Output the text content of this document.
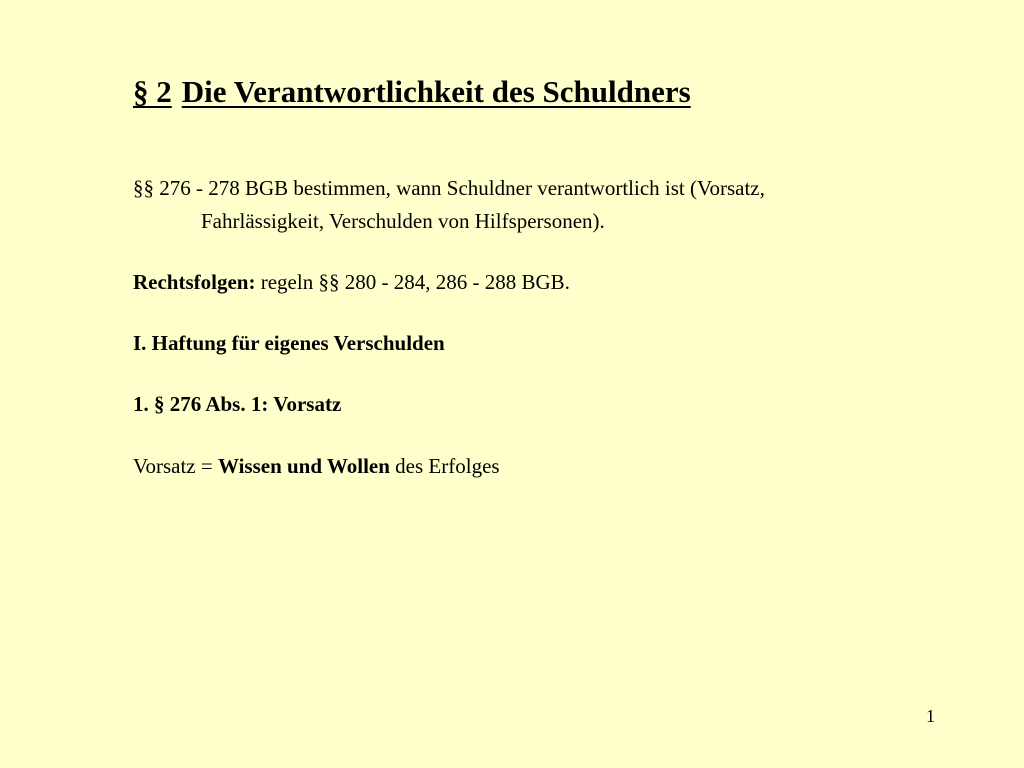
§ 2 Die Verantwortlichkeit des Schuldners

§§ 276 - 278 BGB bestimmen, wann Schuldner verantwortlich ist (Vorsatz,

Fahrlässigkeit, Verschulden von Hilfspersonen).

Rechtsfolgen: regeln §§ 280 - 284, 286 - 288 BGB.

I. Haftung für eigenes Verschulden

1. § 276 Abs. 1: Vorsatz

Vorsatz = Wissen und Wollen des Erfolges

1
